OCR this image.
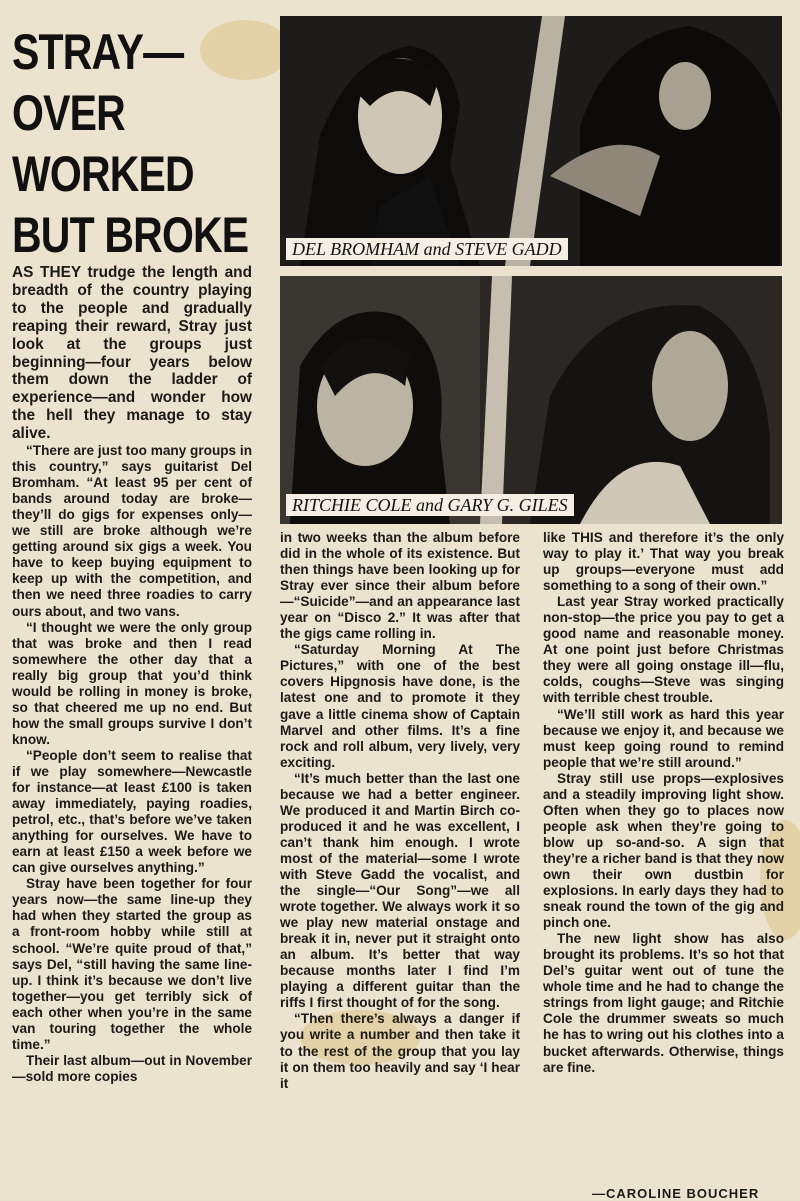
STRAY—
OVER
WORKED
BUT BROKE	DEL BROMHAM and STEVE GADD
RITCHIE COLE and GARY G. GILES

AS THEY trudge the length and breadth of the country playing to the people and gradually reaping their reward, Stray just look at the groups just beginning—four years below them down the ladder of experience—and wonder how the hell they manage to stay alive.

“There are just too many groups in this country,” says guitarist Del Bromham. “At least 95 per cent of bands around today are broke—they’ll do gigs for expenses only—we still are broke although we’re getting around six gigs a week. You have to keep buying equipment to keep up with the competition, and then we need three roadies to carry ours about, and two vans.

“I thought we were the only group that was broke and then I read somewhere the other day that a really big group that you’d think would be rolling in money is broke, so that cheered me up no end. But how the small groups survive I don’t know.

“People don’t seem to realise that if we play somewhere—Newcastle for instance—at least £100 is taken away immediately, paying roadies, petrol, etc., that’s before we’ve taken anything for ourselves. We have to earn at least £150 a week before we can give ourselves anything.”

Stray have been together for four years now—the same line-up they had when they started the group as a front-room hobby while still at school. “We’re quite proud of that,” says Del, “still having the same line-up. I think it’s because we don’t live together—you get terribly sick of each other when you’re in the same van touring together the whole time.”

Their last album—out in November—sold more copies

in two weeks than the album before did in the whole of its existence. But then things have been looking up for Stray ever since their album before—“Suicide”—and an appearance last year on “Disco 2.” It was after that the gigs came rolling in.

“Saturday Morning At The Pictures,” with one of the best covers Hipgnosis have done, is the latest one and to promote it they gave a little cinema show of Captain Marvel and other films. It’s a fine rock and roll album, very lively, very exciting.

“It’s much better than the last one because we had a better engineer. We produced it and Martin Birch co-produced it and he was excellent, I can’t thank him enough. I wrote most of the material—some I wrote with Steve Gadd the vocalist, and the single—“Our Song”—we all wrote together. We always work it so we play new material onstage and break it in, never put it straight onto an album. It’s better that way because months later I find I’m playing a different guitar than the riffs I first thought of for the song.

“Then there’s always a danger if you write a number and then take it to the rest of the group that you lay it on them too heavily and say ‘I hear it

like THIS and therefore it’s the only way to play it.’ That way you break up groups—everyone must add something to a song of their own.”

Last year Stray worked practically non-stop—the price you pay to get a good name and reasonable money. At one point just before Christmas they were all going onstage ill—flu, colds, coughs—Steve was singing with terrible chest trouble.

“We’ll still work as hard this year because we enjoy it, and because we must keep going round to remind people that we’re still around.”

Stray still use props—explosives and a steadily improving light show. Often when they go to places now people ask when they’re going to blow up so-and-so. A sign that they’re a richer band is that they now own their own dustbin for explosions. In early days they had to sneak round the town of the gig and pinch one.

The new light show has also brought its problems. It’s so hot that Del’s guitar went out of tune the whole time and he had to change the strings from light gauge; and Ritchie Cole the drummer sweats so much he has to wring out his clothes into a bucket afterwards. Otherwise, things are fine.

—CAROLINE BOUCHER
